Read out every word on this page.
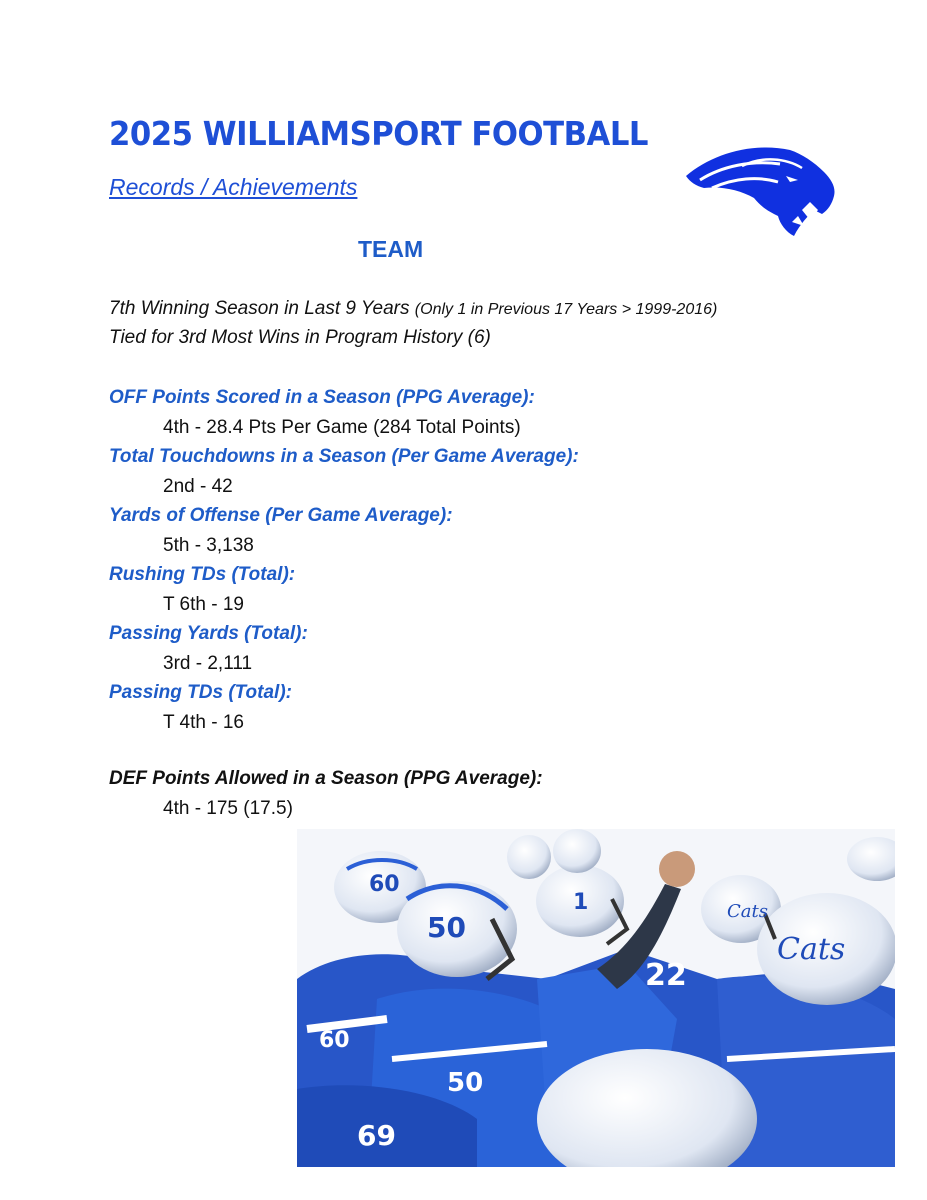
2025 WILLIAMSPORT FOOTBALL
Records / Achievements
TEAM
7th Winning Season in Last 9 Years (Only 1 in Previous 17 Years > 1999-2016)
Tied for 3rd Most Wins in Program History (6)
OFF Points Scored in a Season (PPG Average):
4th - 28.4 Pts Per Game (284 Total Points)
Total Touchdowns in a Season (Per Game Average):
2nd - 42
Yards of Offense (Per Game Average):
5th - 3,138
Rushing TDs (Total):
T 6th - 19
Passing Yards (Total):
3rd - 2,111
Passing TDs (Total):
T 4th - 16
DEF Points Allowed in a Season (PPG Average):
4th - 175 (17.5)
60
50
1
22
60
50
69
Cats
Cats
